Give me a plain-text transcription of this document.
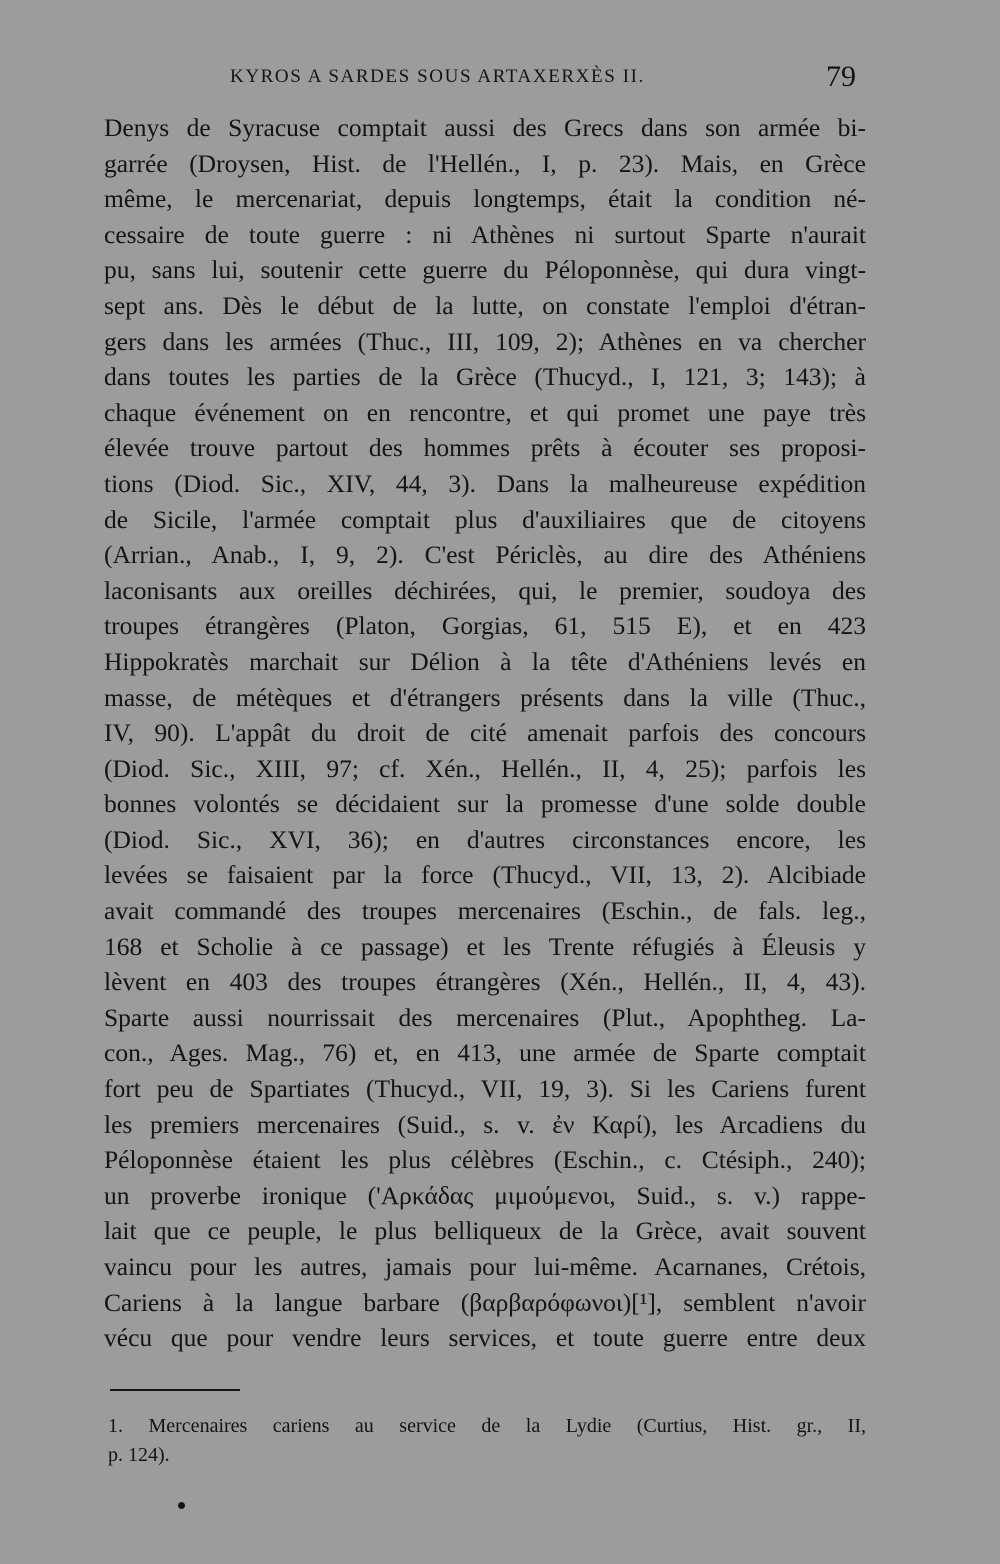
KYROS A SARDES SOUS ARTAXERXÈS II.	79
Denys de Syracuse comptait aussi des Grecs dans son armée bi-
garrée (Droysen, Hist. de l'Hellén., I, p. 23). Mais, en Grèce
même, le mercenariat, depuis longtemps, était la condition né-
cessaire de toute guerre : ni Athènes ni surtout Sparte n'aurait
pu, sans lui, soutenir cette guerre du Péloponnèse, qui dura vingt-
sept ans. Dès le début de la lutte, on constate l'emploi d'étran-
gers dans les armées (Thuc., III, 109, 2); Athènes en va chercher
dans toutes les parties de la Grèce (Thucyd., I, 121, 3; 143); à
chaque événement on en rencontre, et qui promet une paye très
élevée trouve partout des hommes prêts à écouter ses proposi-
tions (Diod. Sic., XIV, 44, 3). Dans la malheureuse expédition
de Sicile, l'armée comptait plus d'auxiliaires que de citoyens
(Arrian., Anab., I, 9, 2). C'est Périclès, au dire des Athéniens
laconisants aux oreilles déchirées, qui, le premier, soudoya des
troupes étrangères (Platon, Gorgias, 61, 515 E), et en 423
Hippokratès marchait sur Délion à la tête d'Athéniens levés en
masse, de métèques et d'étrangers présents dans la ville (Thuc.,
IV, 90). L'appât du droit de cité amenait parfois des concours
(Diod. Sic., XIII, 97; cf. Xén., Hellén., II, 4, 25); parfois les
bonnes volontés se décidaient sur la promesse d'une solde double
(Diod. Sic., XVI, 36); en d'autres circonstances encore, les
levées se faisaient par la force (Thucyd., VII, 13, 2). Alcibiade
avait commandé des troupes mercenaires (Eschin., de fals. leg.,
168 et Scholie à ce passage) et les Trente réfugiés à Éleusis y
lèvent en 403 des troupes étrangères (Xén., Hellén., II, 4, 43).
Sparte aussi nourrissait des mercenaires (Plut., Apophtheg. La-
con., Ages. Mag., 76) et, en 413, une armée de Sparte comptait
fort peu de Spartiates (Thucyd., VII, 19, 3). Si les Cariens furent
les premiers mercenaires (Suid., s. v. ἐν Καρί), les Arcadiens du
Péloponnèse étaient les plus célèbres (Eschin., c. Ctésiph., 240);
un proverbe ironique ('Αρκάδας μιμούμενοι, Suid., s. v.) rappe-
lait que ce peuple, le plus belliqueux de la Grèce, avait souvent
vaincu pour les autres, jamais pour lui-même. Acarnanes, Crétois,
Cariens à la langue barbare (βαρβαρόφωνοι)[¹], semblent n'avoir
vécu que pour vendre leurs services, et toute guerre entre deux
1. Mercenaires cariens au service de la Lydie (Curtius, Hist. gr., II,
p. 124).
